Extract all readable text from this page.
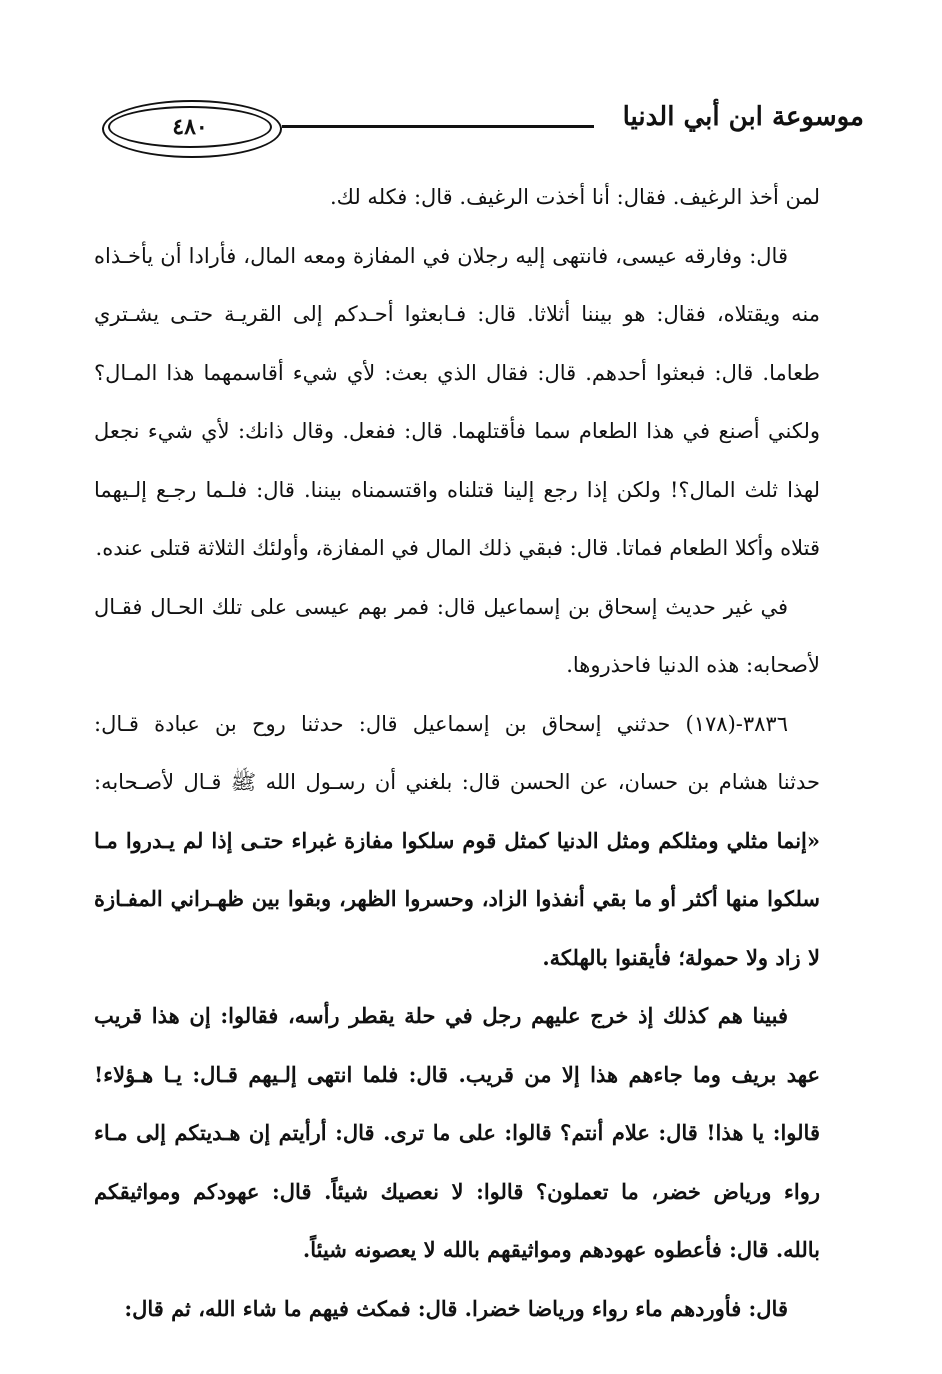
٤٨٠	موسوعة ابن أبي الدنيا
لمن أخذ الرغيف. فقال: أنا أخذت الرغيف. قال: فكله لك.
قال: وفارقه عيسى، فانتهى إليه رجلان في المفازة ومعه المال، فأرادا أن يأخـذاه
منه ويقتلاه، فقال: هو بيننا أثلاثا. قال: فـابعثوا أحـدكم إلى القريـة حتـى يشـتري
طعاما. قال: فبعثوا أحدهم. قال: فقال الذي بعث: لأي شيء أقاسمهما هذا المـال؟
ولكني أصنع في هذا الطعام سما فأقتلهما. قال: ففعل. وقال ذانك: لأي شيء نجعل
لهذا ثلث المال؟! ولكن إذا رجع إلينا قتلناه واقتسمناه بيننا. قال: فلـما رجـع إلـيهما
قتلاه وأكلا الطعام فماتا. قال: فبقي ذلك المال في المفازة، وأولئك الثلاثة قتلى عنده.
في غير حديث إسحاق بن إسماعيل قال: فمر بهم عيسى على تلك الحـال فقـال
لأصحابه: هذه الدنيا فاحذروها.
٣٨٣٦-(١٧٨) حدثني إسحاق بن إسماعيل قال: حدثنا روح بن عبادة قـال:
حدثنا هشام بن حسان، عن الحسن قال: بلغني أن رسـول الله ﷺ قـال لأصـحابه:
«إنما مثلي ومثلكم ومثل الدنيا كمثل قوم سلكوا مفازة غبراء حتـى إذا لم يـدروا مـا
سلكوا منها أكثر أو ما بقي أنفذوا الزاد، وحسروا الظهر، وبقوا بين ظهـراني المفـازة
لا زاد ولا حمولة؛ فأيقنوا بالهلكة.
فبينا هم كذلك إذ خرج عليهم رجل في حلة يقطر رأسه، فقالوا: إن هذا قريب
عهد بريف وما جاءهم هذا إلا من قريب. قال: فلما انتهى إلـيهم قـال: يـا هـؤلاء!
قالوا: يا هذا! قال: علام أنتم؟ قالوا: على ما ترى. قال: أرأيتم إن هـديتكم إلى مـاء
رواء ورياض خضر، ما تعملون؟ قالوا: لا نعصيك شيئاً. قال: عهودكم ومواثيقكم
بالله. قال: فأعطوه عهودهم ومواثيقهم بالله لا يعصونه شيئاً.
قال: فأوردهم ماء رواء ورياضا خضرا. قال: فمكث فيهم ما شاء الله، ثم قال:
